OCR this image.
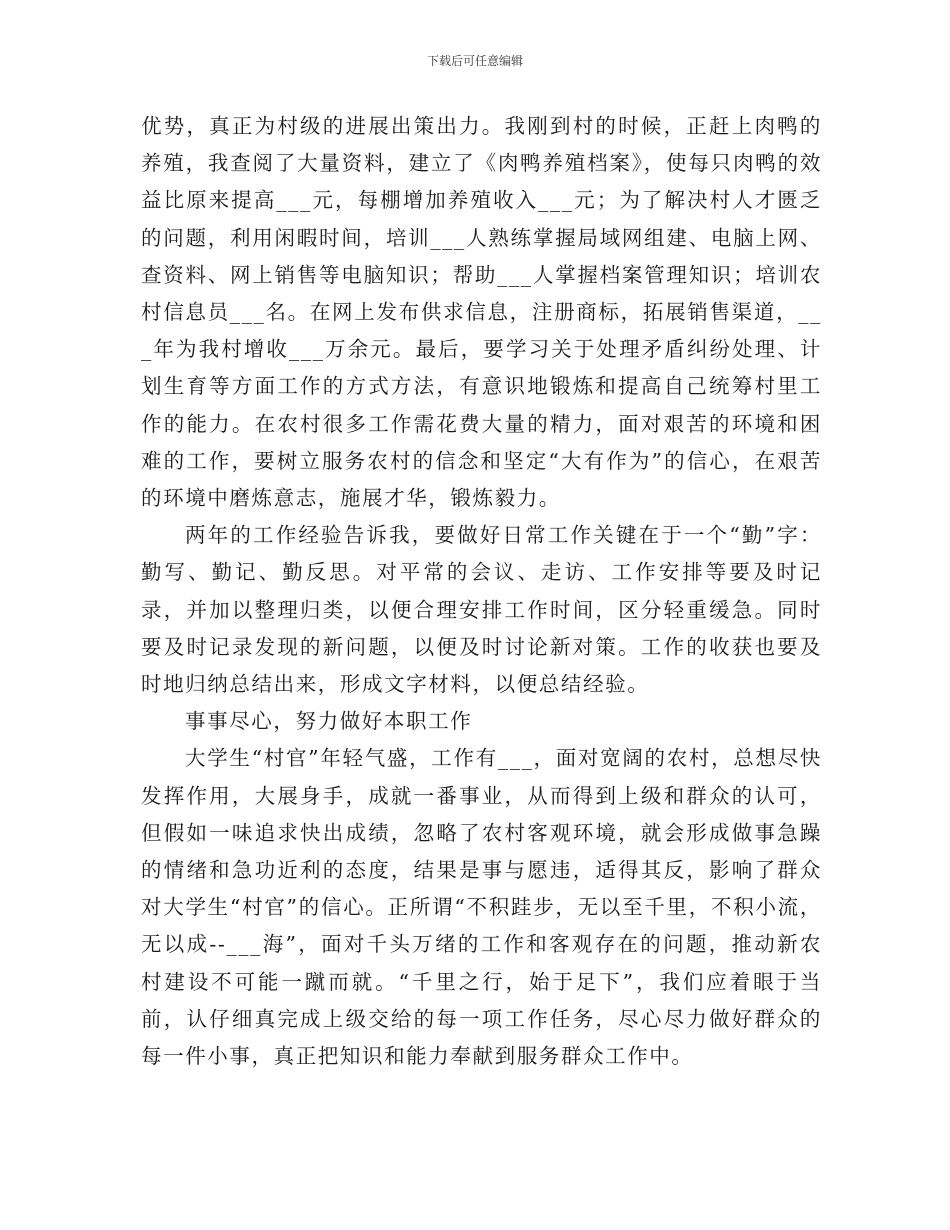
下载后可任意编辑

优势，真正为村级的进展出策出力。我刚到村的时候，正赶上肉鸭的养殖，我查阅了大量资料，建立了《肉鸭养殖档案》，使每只肉鸭的效益比原来提高___元，每棚增加养殖收入___元；为了解决村人才匮乏的问题，利用闲暇时间，培训___人熟练掌握局域网组建、电脑上网、查资料、网上销售等电脑知识；帮助___人掌握档案管理知识；培训农村信息员___名。在网上发布供求信息，注册商标，拓展销售渠道，___年为我村增收___万余元。最后，要学习关于处理矛盾纠纷处理、计划生育等方面工作的方式方法，有意识地锻炼和提高自己统筹村里工作的能力。在农村很多工作需花费大量的精力，面对艰苦的环境和困难的工作，要树立服务农村的信念和坚定“大有作为”的信心，在艰苦的环境中磨炼意志，施展才华，锻炼毅力。

两年的工作经验告诉我，要做好日常工作关键在于一个“勤”字：勤写、勤记、勤反思。对平常的会议、走访、工作安排等要及时记录，并加以整理归类，以便合理安排工作时间，区分轻重缓急。同时要及时记录发现的新问题，以便及时讨论新对策。工作的收获也要及时地归纳总结出来，形成文字材料，以便总结经验。

事事尽心，努力做好本职工作

大学生“村官”年轻气盛，工作有___，面对宽阔的农村，总想尽快发挥作用，大展身手，成就一番事业，从而得到上级和群众的认可，但假如一味追求快出成绩，忽略了农村客观环境，就会形成做事急躁的情绪和急功近利的态度，结果是事与愿违，适得其反，影响了群众对大学生“村官”的信心。正所谓“不积跬步，无以至千里，不积小流，无以成--___海”，面对千头万绪的工作和客观存在的问题，推动新农村建设不可能一蹴而就。“千里之行，始于足下”，我们应着眼于当前，认仔细真完成上级交给的每一项工作任务，尽心尽力做好群众的每一件小事，真正把知识和能力奉献到服务群众工作中。
